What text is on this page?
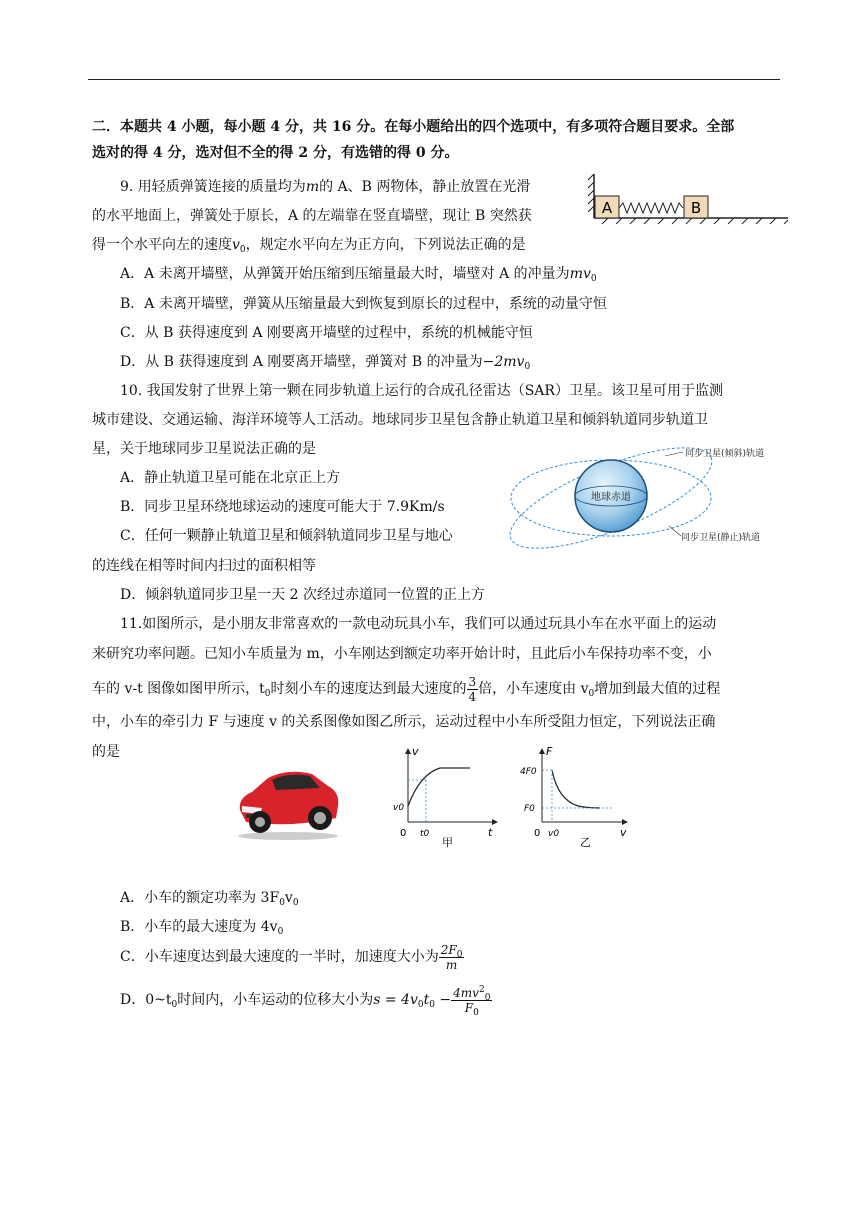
二．本题共 4 小题，每小题 4 分，共 16 分。在每小题给出的四个选项中，有多项符合题目要求。全部
选对的得 4 分，选对但不全的得 2 分，有选错的得 0 分。
9. 用轻质弹簧连接的质量均为m的 A、B 两物体，静止放置在光滑
的水平地面上，弹簧处于原长，A 的左端靠在竖直墙壁，现让 B 突然获
得一个水平向左的速度$v_0$，规定水平向左为正方向，下列说法正确的是
A	B
A．A 未离开墙壁，从弹簧开始压缩到压缩量最大时，墙壁对 A 的冲量为$mv_0$
B．A 未离开墙壁，弹簧从压缩量最大到恢复到原长的过程中，系统的动量守恒
C．从 B 获得速度到 A 刚要离开墙壁的过程中，系统的机械能守恒
D．从 B 获得速度到 A 刚要离开墙壁，弹簧对 B 的冲量为$-2mv_0$
10. 我国发射了世界上第一颗在同步轨道上运行的合成孔径雷达（SAR）卫星。该卫星可用于监测
城市建设、交通运输、海洋环境等人工活动。地球同步卫星包含静止轨道卫星和倾斜轨道同步轨道卫
星，关于地球同步卫星说法正确的是
A．静止轨道卫星可能在北京正上方
B．同步卫星环绕地球运动的速度可能大于 7.9Km/s
C．任何一颗静止轨道卫星和倾斜轨道同步卫星与地心
的连线在相等时间内扫过的面积相等
D．倾斜轨道同步卫星一天 2 次经过赤道同一位置的正上方
地球赤道
同步卫星(倾斜)轨道
同步卫星(静止)轨道
11.如图所示，是小朋友非常喜欢的一款电动玩具小车，我们可以通过玩具小车在水平面上的运动
来研究功率问题。已知小车质量为 m，小车刚达到额定功率开始计时，且此后小车保持功率不变，小
车的 v-t 图像如图甲所示，$t_0$时刻小车的速度达到最大速度的 $\frac{3}{4}$ 倍，小车速度由 $v_0$增加到最大值的过程
中，小车的牵引力 F 与速度 v 的关系图像如图乙所示，运动过程中小车所受阻力恒定，下列说法正确
的是	v
t
0
v0
t0
甲
F
v
0
4F0
F0
v0
乙
A．小车的额定功率为 $3F_0v_0$
B．小车的最大速度为 $4v_0$
C．小车速度达到最大速度的一半时，加速度大小为 $\frac{2F_0}{m}$
D．$0\sim t_0$时间内，小车运动的位移大小为$s = 4v_0t_0 - \frac{4mv^2_0}{F_0}$
